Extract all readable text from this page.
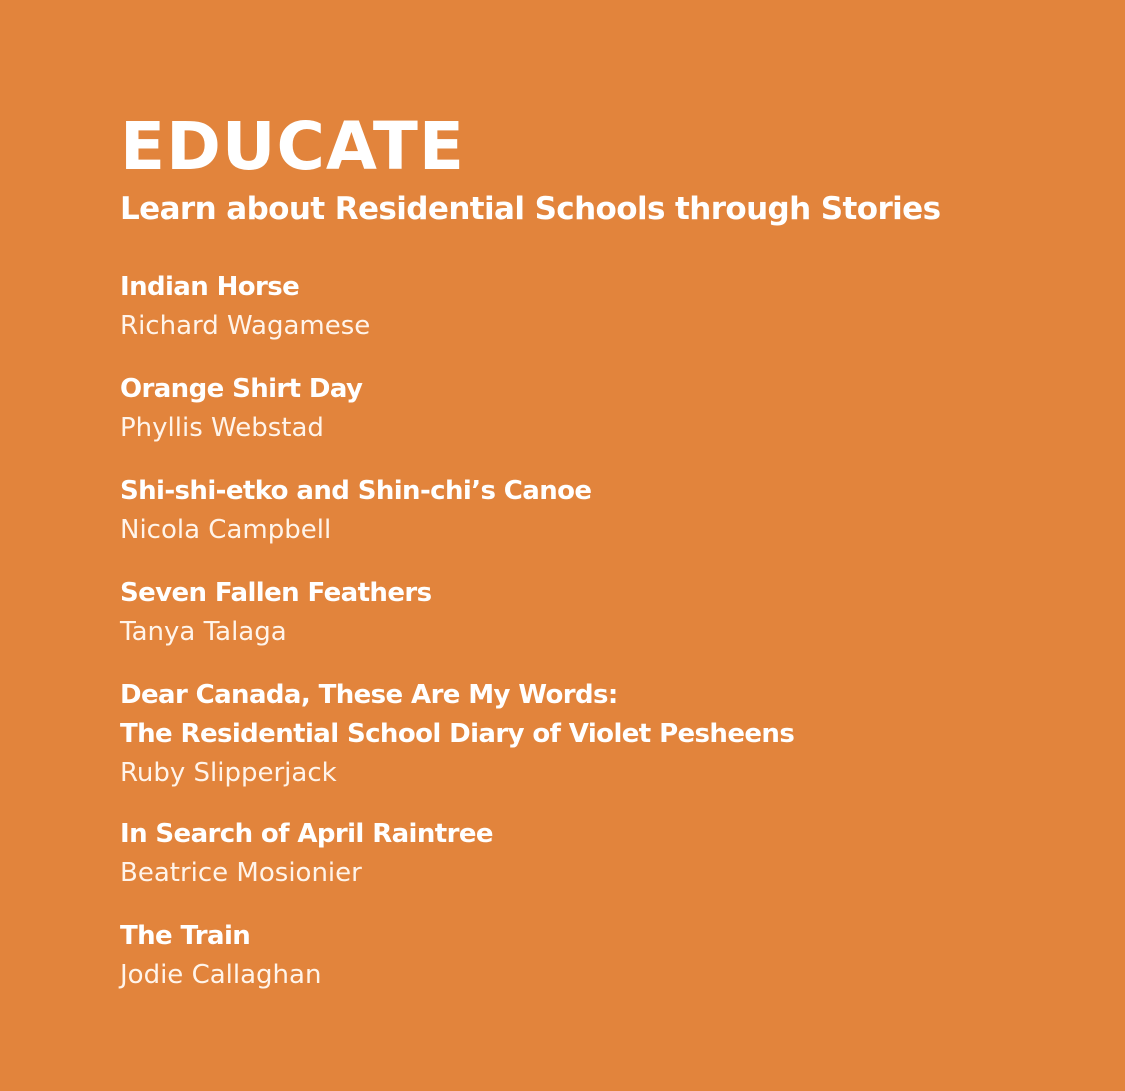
EDUCATE
Learn about Residential Schools through Stories
Indian Horse
Richard Wagamese
Orange Shirt Day
Phyllis Webstad
Shi-shi-etko and Shin-chi’s Canoe
Nicola Campbell
Seven Fallen Feathers
Tanya Talaga
Dear Canada, These Are My Words:
The Residential School Diary of Violet Pesheens
Ruby Slipperjack
In Search of April Raintree
Beatrice Mosionier
The Train
Jodie Callaghan
